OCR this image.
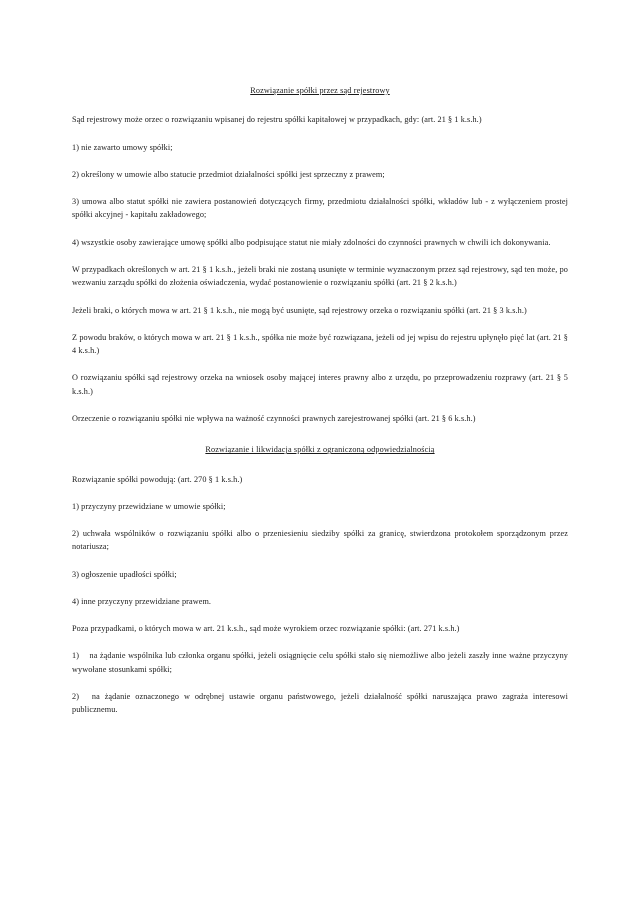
Rozwiązanie spółki przez sąd rejestrowy

Sąd rejestrowy może orzec o rozwiązaniu wpisanej do rejestru spółki kapitałowej w przypadkach, gdy: (art. 21 § 1 k.s.h.)

1) nie zawarto umowy spółki;

2) określony w umowie albo statucie przedmiot działalności spółki jest sprzeczny z prawem;

3) umowa albo statut spółki nie zawiera postanowień dotyczących firmy, przedmiotu działalności spółki, wkładów lub - z wyłączeniem prostej spółki akcyjnej - kapitału zakładowego;

4) wszystkie osoby zawierające umowę spółki albo podpisujące statut nie miały zdolności do czynności prawnych w chwili ich dokonywania.

W przypadkach określonych w art. 21 § 1 k.s.h., jeżeli braki nie zostaną usunięte w terminie wyznaczonym przez sąd rejestrowy, sąd ten może, po wezwaniu zarządu spółki do złożenia oświadczenia, wydać postanowienie o rozwiązaniu spółki (art. 21 § 2 k.s.h.)

Jeżeli braki, o których mowa w art. 21 § 1 k.s.h., nie mogą być usunięte, sąd rejestrowy orzeka o rozwiązaniu spółki (art. 21 § 3 k.s.h.)

Z powodu braków, o których mowa w art. 21 § 1 k.s.h., spółka nie może być rozwiązana, jeżeli od jej wpisu do rejestru upłynęło pięć lat (art. 21 § 4 k.s.h.)

O rozwiązaniu spółki sąd rejestrowy orzeka na wniosek osoby mającej interes prawny albo z urzędu, po przeprowadzeniu rozprawy (art. 21 § 5 k.s.h.)

Orzeczenie o rozwiązaniu spółki nie wpływa na ważność czynności prawnych zarejestrowanej spółki (art. 21 § 6 k.s.h.)

Rozwiązanie i likwidacja spółki z ograniczoną odpowiedzialnością

Rozwiązanie spółki powodują: (art. 270 § 1 k.s.h.)

1) przyczyny przewidziane w umowie spółki;

2) uchwała wspólników o rozwiązaniu spółki albo o przeniesieniu siedziby spółki za granicę, stwierdzona protokołem sporządzonym przez notariusza;

3) ogłoszenie upadłości spółki;

4) inne przyczyny przewidziane prawem.

Poza przypadkami, o których mowa w art. 21 k.s.h., sąd może wyrokiem orzec rozwiązanie spółki: (art. 271 k.s.h.)

1)	na żądanie wspólnika lub członka organu spółki, jeżeli osiągnięcie celu spółki stało się niemożliwe albo jeżeli zaszły inne ważne przyczyny wywołane stosunkami spółki;

2)	na żądanie oznaczonego w odrębnej ustawie organu państwowego, jeżeli działalność spółki naruszająca prawo zagraża interesowi publicznemu.
